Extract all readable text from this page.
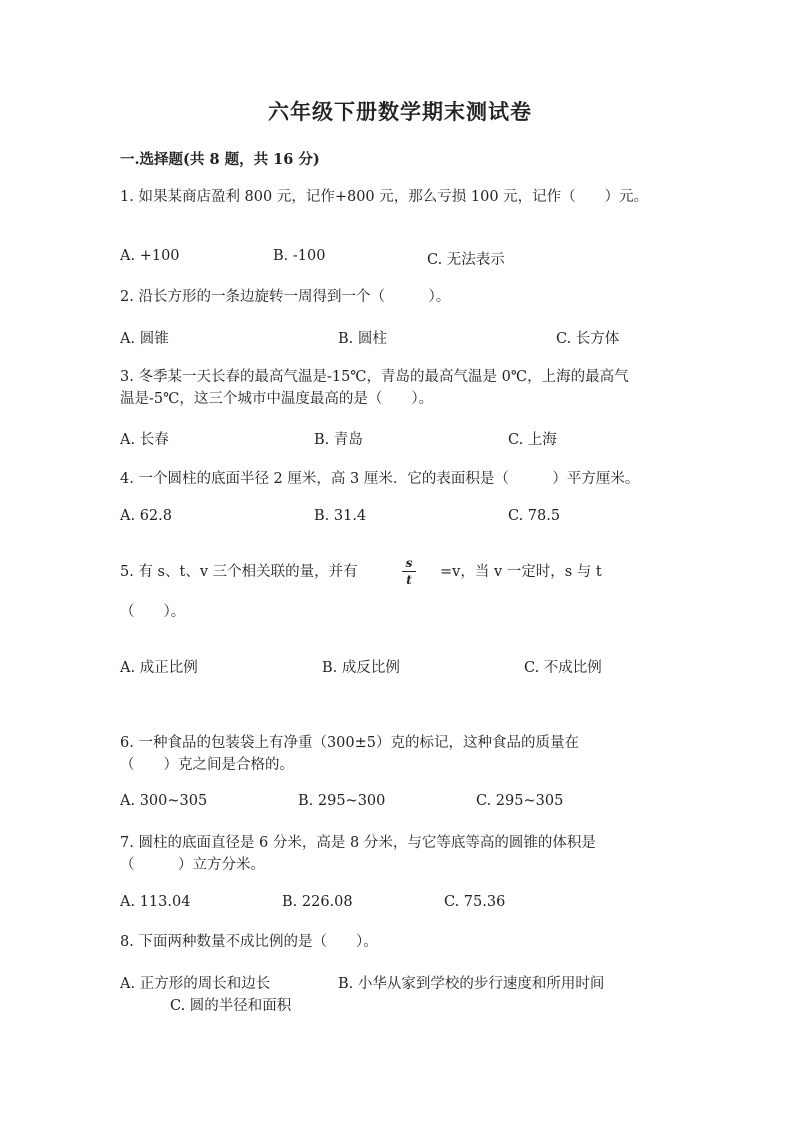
六年级下册数学期末测试卷
一.选择题(共 8 题，共 16 分)
1. 如果某商店盈利 800 元，记作+800 元，那么亏损 100 元，记作（　　）元。
A. +100	B. -100	C. 无法表示
2. 沿长方形的一条边旋转一周得到一个（　　　）。
A. 圆锥	B. 圆柱	C. 长方体
3. 冬季某一天长春的最高气温是-15℃，青岛的最高气温是 0℃，上海的最高气
温是-5℃，这三个城市中温度最高的是（　　）。
A. 长春	B. 青岛	C. 上海
4. 一个圆柱的底面半径 2 厘米，高 3 厘米．它的表面积是（　　　）平方厘米。
A. 62.8	B. 31.4	C. 78.5
5. 有 s、t、v 三个相关联的量，并有
s
t =v，当 v 一定时，s 与 t
（　　）。
A. 成正比例	B. 成反比例	C. 不成比例
6. 一种食品的包装袋上有净重（300±5）克的标记，这种食品的质量在
（　　）克之间是合格的。
A. 300~305	B. 295~300	C. 295~305
7. 圆柱的底面直径是 6 分米，高是 8 分米，与它等底等高的圆锥的体积是
（　　　）立方分米。
A. 113.04	B. 226.08	C. 75.36
8. 下面两种数量不成比例的是（　　）。
A. 正方形的周长和边长	B. 小华从家到学校的步行速度和所用时间
C. 圆的半径和面积
